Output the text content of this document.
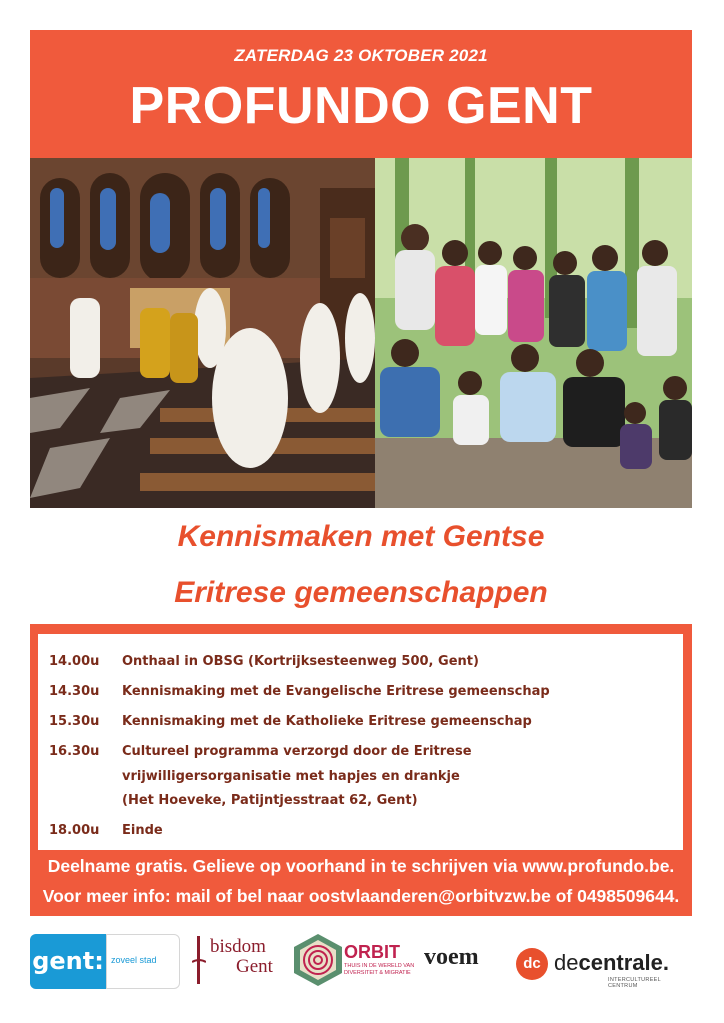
ZATERDAG 23 OKTOBER 2021
PROFUNDO GENT
Kennismaken met Gentse
Eritrese gemeenschappen
14.00u	Onthaal in OBSG (Kortrijksesteenweg 500, Gent)
14.30u	Kennismaking met de Evangelische Eritrese gemeenschap
15.30u	Kennismaking met de Katholieke Eritrese gemeenschap
16.30u	Cultureel programma verzorgd door de Eritrese
vrijwilligersorganisatie met hapjes en drankje
(Het Hoeveke, Patijntjesstraat 62, Gent)
18.00u	Einde
Deelname gratis. Gelieve op voorhand in te schrijven via www.profundo.be.
Voor meer info: mail of bel naar oostvlaanderen@orbitvzw.be of 0498509644.
gent: zoveel stad
bisdom
Gent
ORBIT
THUIS IN DE WERELD VAN DIVERSITEIT & MIGRATIE
voem	dc decentrale.
INTERCULTUREEL CENTRUM
